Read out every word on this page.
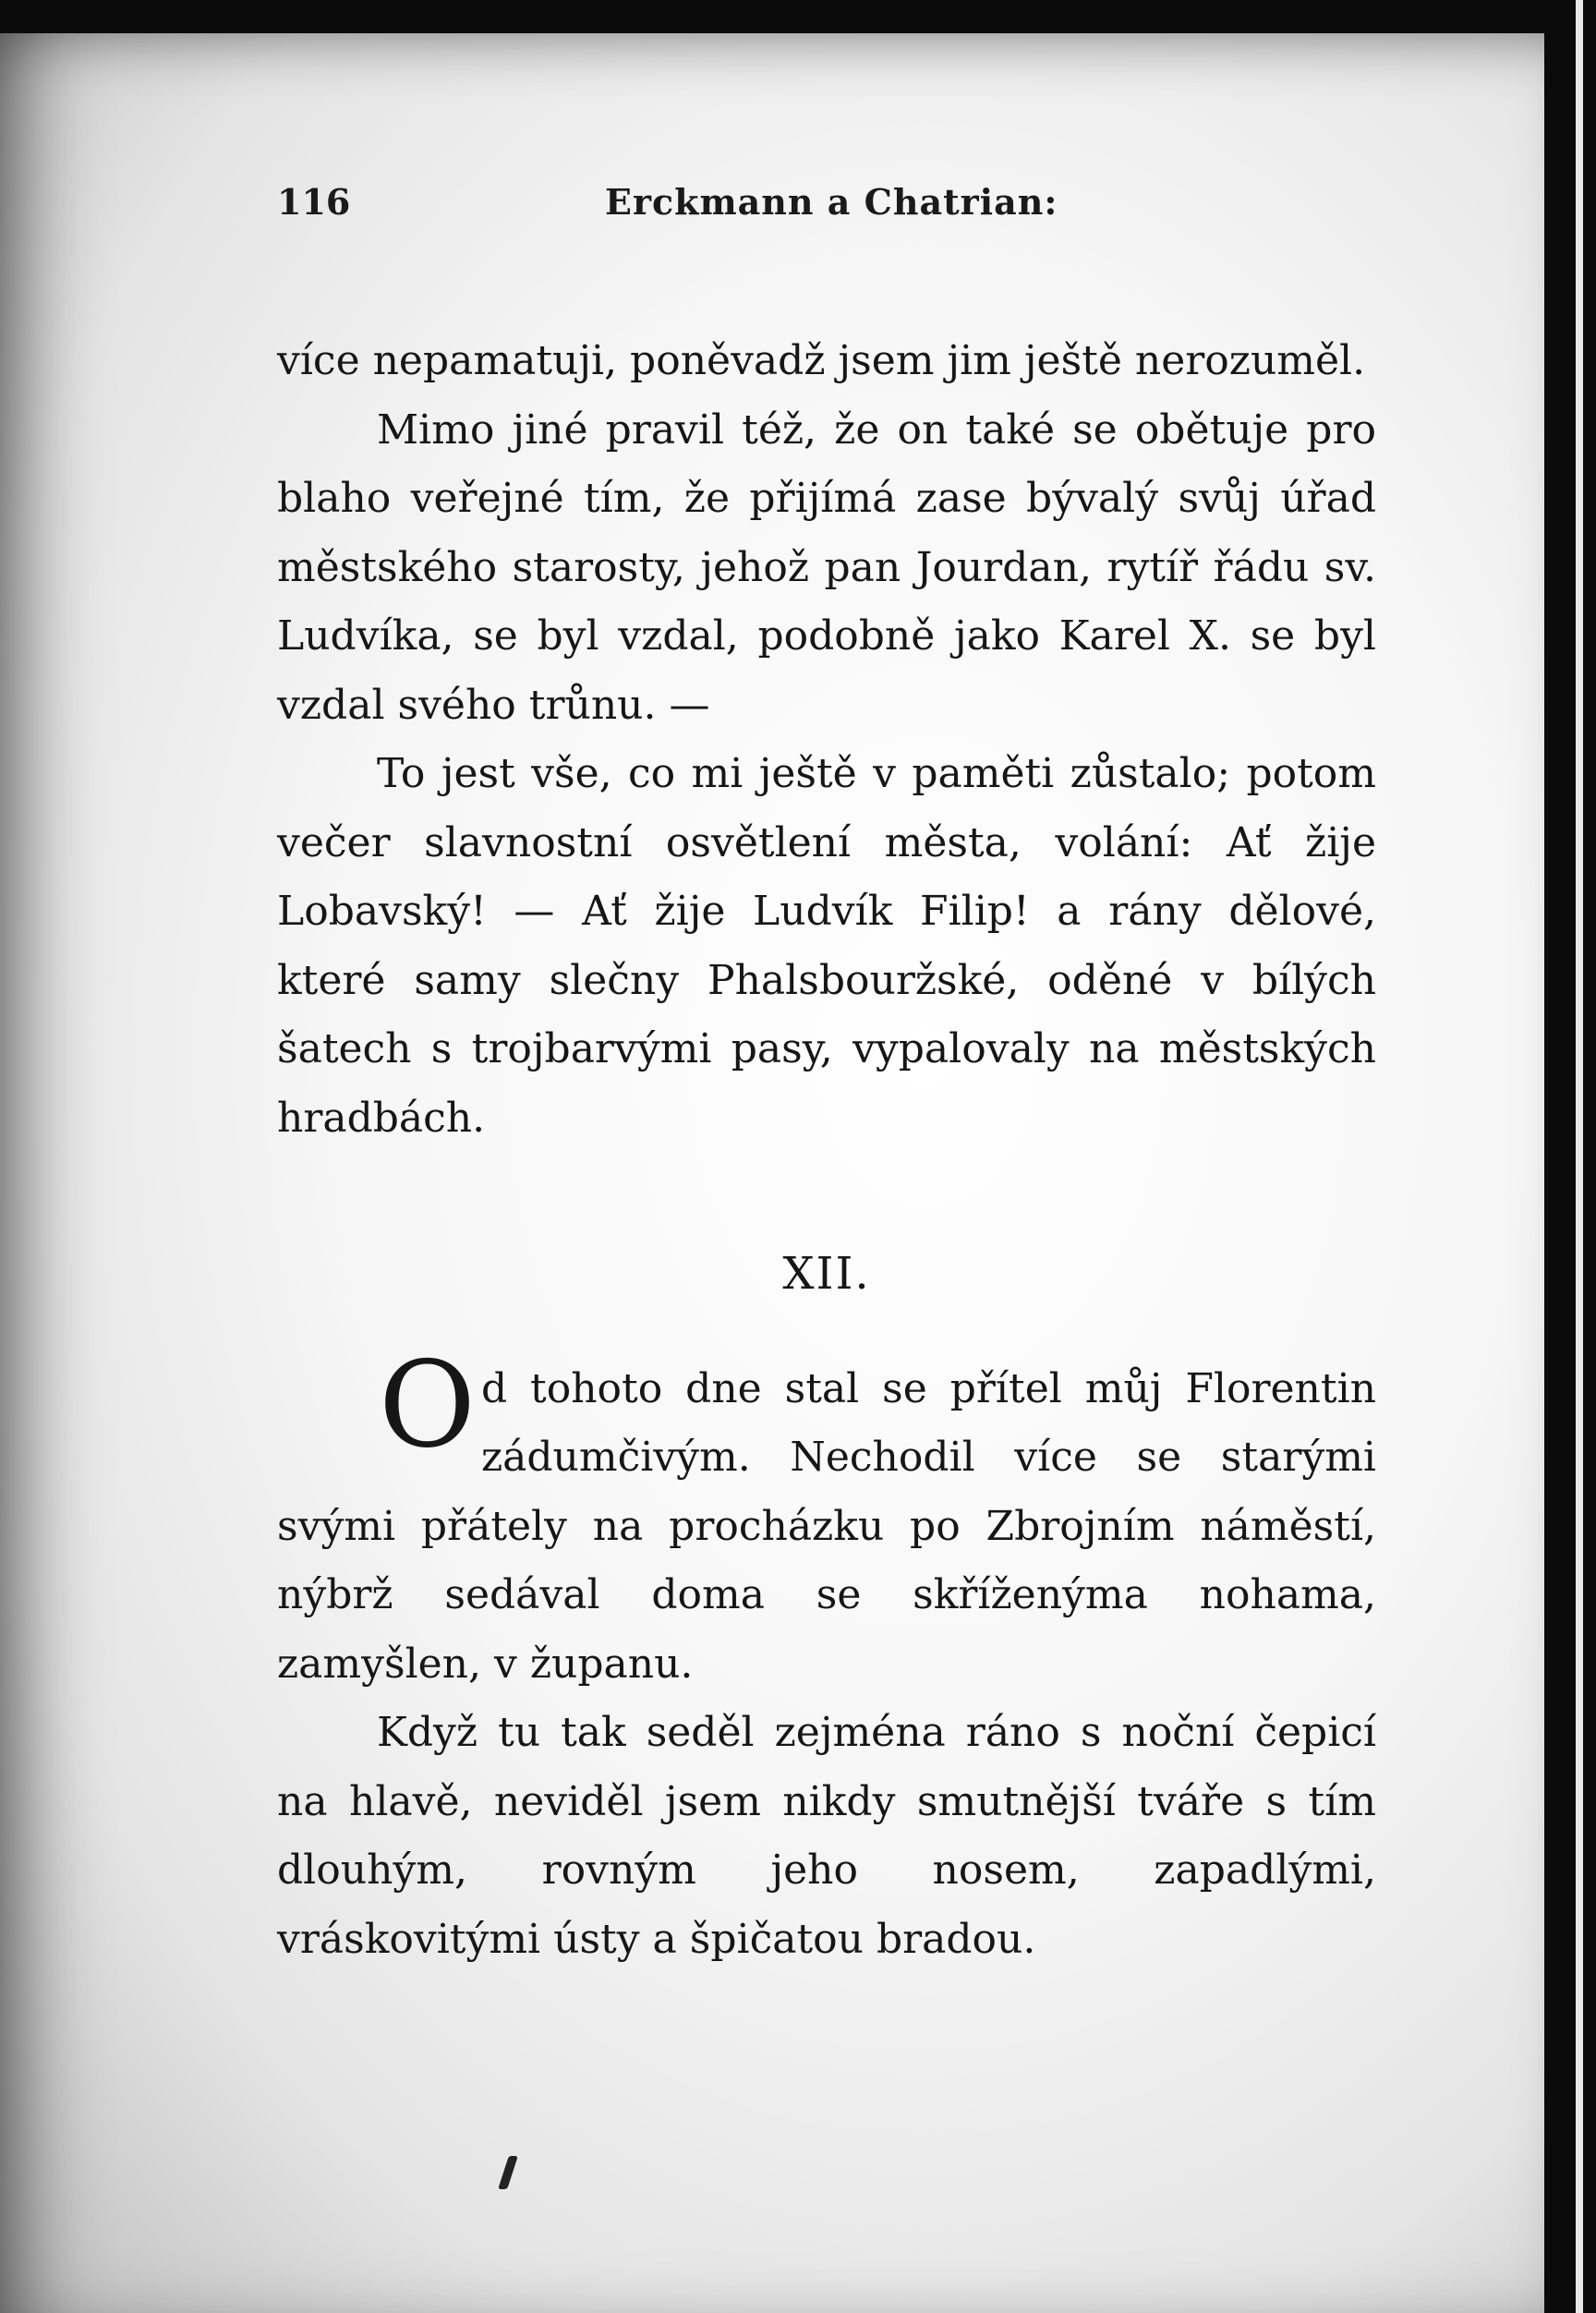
116	Erckmann a Chatrian:

více nepamatuji, poněvadž jsem jim ještě nerozuměl.

Mimo jiné pravil též, že on také se obětuje pro blaho veřejné tím, že přijímá zase bývalý svůj úřad městského starosty, jehož pan Jourdan, rytíř řádu sv. Ludvíka, se byl vzdal, podobně jako Karel X. se byl vzdal svého trůnu. —

To jest vše, co mi ještě v paměti zůstalo; potom večer slavnostní osvětlení města, volání: Ať žije Lobavský! — Ať žije Ludvík Filip! a rány dělové, které samy slečny Phalsbouržské, oděné v bílých šatech s trojbarvými pasy, vypalovaly na městských hradbách.

XII.

O d tohoto dne stal se přítel můj Florentin zádumčivým. Nechodil více se starými svými přátely na procházku po Zbrojním náměstí, nýbrž sedával doma se skříženýma nohama, zamyšlen, v županu.

Když tu tak seděl zejména ráno s noční čepicí na hlavě, neviděl jsem nikdy smutnější tváře s tím dlouhým, rovným jeho nosem, zapadlými, vráskovitými ústy a špičatou bradou.
